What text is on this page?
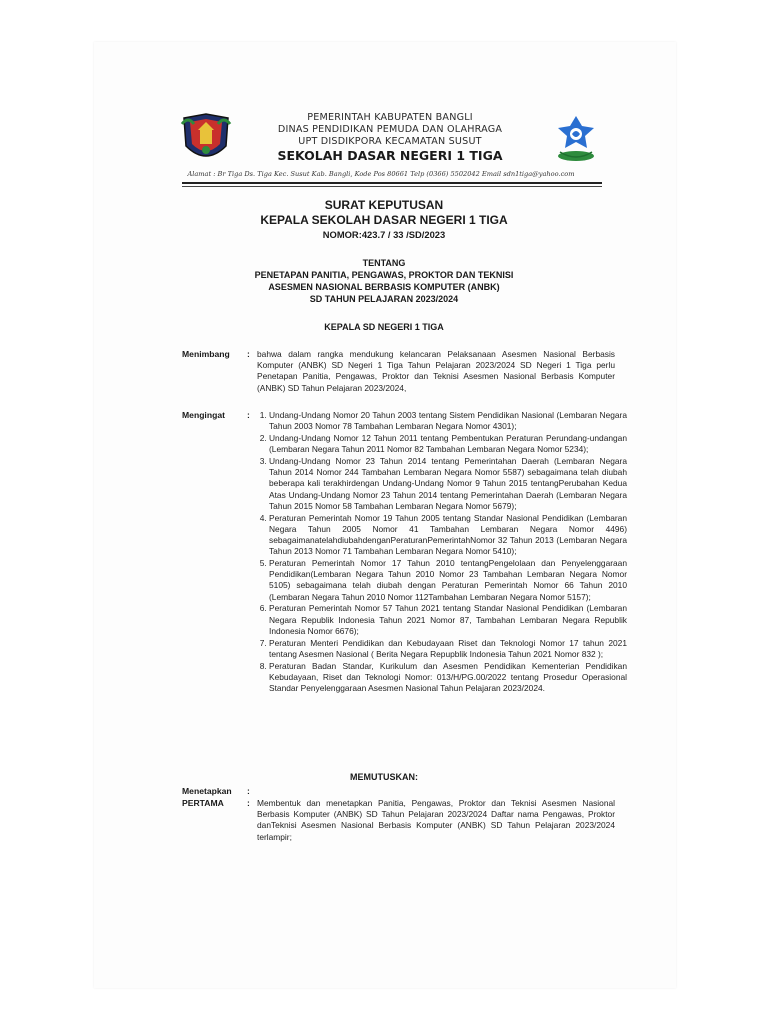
PEMERINTAH KABUPATEN BANGLI
DINAS PENDIDIKAN PEMUDA DAN OLAHRAGA
UPT DISDIKPORA KECAMATAN SUSUT
SEKOLAH DASAR NEGERI 1 TIGA
Alamat : Br Tiga Ds. Tiga Kec. Susut Kab. Bangli, Kode Pos 80661 Telp (0366) 5502042 Email sdn1tiga@yahoo.com
SURAT KEPUTUSAN
KEPALA SEKOLAH DASAR NEGERI 1 TIGA
NOMOR:423.7 / 33 /SD/2023
TENTANG
PENETAPAN PANITIA, PENGAWAS, PROKTOR DAN TEKNISI
ASESMEN NASIONAL BERBASIS KOMPUTER (ANBK)
SD TAHUN PELAJARAN 2023/2024
KEPALA SD NEGERI 1 TIGA
Menimbang : bahwa dalam rangka mendukung kelancaran Pelaksanaan Asesmen Nasional Berbasis Komputer (ANBK) SD Negeri 1 Tiga Tahun Pelajaran 2023/2024 SD Negeri 1 Tiga perlu Penetapan Panitia, Pengawas, Proktor dan Teknisi Asesmen Nasional Berbasis Komputer (ANBK) SD Tahun Pelajaran 2023/2024,
Mengingat	:
1. Undang-Undang Nomor 20 Tahun 2003 tentang Sistem Pendidikan Nasional (Lembaran Negara Tahun 2003 Nomor 78 Tambahan Lembaran Negara Nomor 4301);
2. Undang-Undang Nomor 12 Tahun 2011 tentang Pembentukan Peraturan Perundang-undangan (Lembaran Negara Tahun 2011 Nomor 82 Tambahan Lembaran Negara Nomor 5234);
3. Undang-Undang Nomor 23 Tahun 2014 tentang Pemerintahan Daerah (Lembaran Negara Tahun 2014 Nomor 244 Tambahan Lembaran Negara Nomor 5587) sebagaimana telah diubah beberapa kali terakhirdengan Undang-Undang Nomor 9 Tahun 2015 tentangPerubahan Kedua Atas Undang-Undang Nomor 23 Tahun 2014 tentang Pemerintahan Daerah (Lembaran Negara Tahun 2015 Nomor 58 Tambahan Lembaran Negara Nomor 5679);
4. Peraturan Pemerintah Nomor 19 Tahun 2005 tentang Standar Nasional Pendidikan (Lembaran Negara Tahun 2005 Nomor 41 Tambahan Lembaran Negara Nomor 4496) sebagaimanatelahdiubahdenganPeraturanPemerintahNomor 32 Tahun 2013 (Lembaran Negara Tahun 2013 Nomor 71 Tambahan Lembaran Negara Nomor 5410);
5. Peraturan Pemerintah Nomor 17 Tahun 2010 tentangPengelolaan dan Penyelenggaraan Pendidikan(Lembaran Negara Tahun 2010 Nomor 23 Tambahan Lembaran Negara Nomor 5105) sebagaimana telah diubah dengan Peraturan Pemerintah Nomor 66 Tahun 2010 (Lembaran Negara Tahun 2010 Nomor 112Tambahan Lembaran Negara Nomor 5157);
6. Peraturan Pemerintah Nomor 57 Tahun 2021 tentang Standar Nasional Pendidikan (Lembaran Negara Republik Indonesia Tahun 2021 Nomor 87, Tambahan Lembaran Negara Republik Indonesia Nomor 6676);
7. Peraturan Menteri Pendidikan dan Kebudayaan Riset dan Teknologi Nomor 17 tahun 2021 tentang Asesmen Nasional ( Berita Negara Repupblik Indonesia Tahun 2021 Nomor 832 );
8. Peraturan Badan Standar, Kurikulum dan Asesmen Pendidikan Kementerian Pendidikan Kebudayaan, Riset dan Teknologi Nomor: 013/H/PG.00/2022 tentang Prosedur Operasional Standar Penyelenggaraan Asesmen Nasional Tahun Pelajaran 2023/2024.
MEMUTUSKAN:
Menetapkan :
PERTAMA	: Membentuk dan menetapkan Panitia, Pengawas, Proktor dan Teknisi Asesmen Nasional Berbasis Komputer (ANBK) SD Tahun Pelajaran 2023/2024 Daftar nama Pengawas, Proktor danTeknisi Asesmen Nasional Berbasis Komputer (ANBK) SD Tahun Pelajaran 2023/2024 terlampir;
